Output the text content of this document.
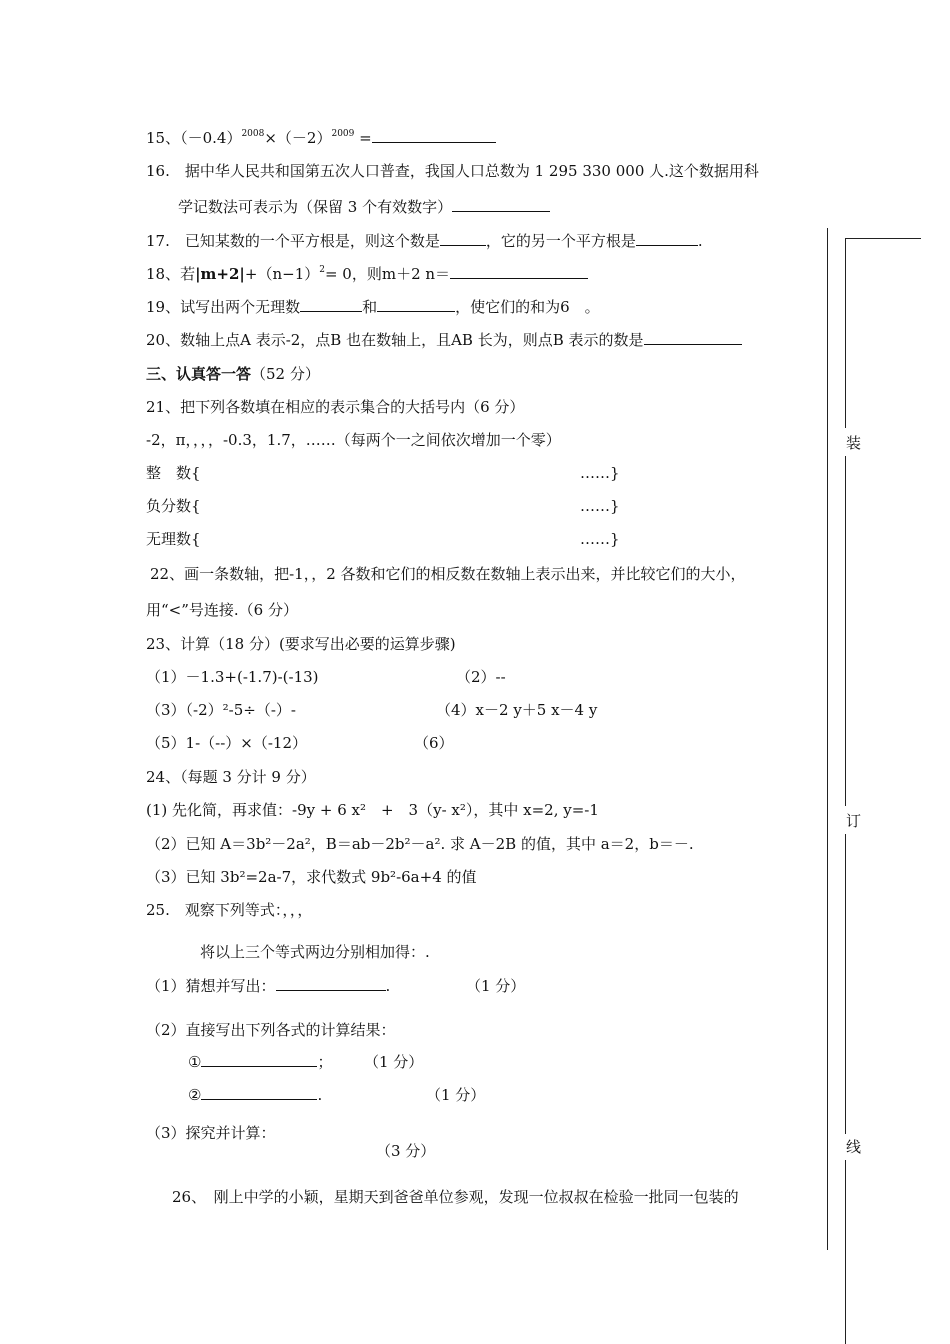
15、$(-0.4)^{2008}\times(-2)^{2009}$ =
16.　据中华人民共和国第五次人口普查，我国人口总数为 1 295 330 000 人.这个数据用科
学记数法可表示为（保留 3 个有效数字）
17.　已知某数的一个平方根是，则这个数是	，它的另一个平方根是	.
18、若$|m+2|+(n-1)^2= 0$，则m＋2 n＝
19、试写出两个无理数	和	，使它们的和为6　。
20、数轴上点A 表示-2，点B 也在数轴上，且AB 长为，则点B 表示的数是
三、认真答一答（52 分）
21、把下列各数填在相应的表示集合的大括号内（6 分）
-2，π，，，，-0.3，1.7，……（每两个一之间依次增加一个零）
整　数{	……}
负分数{	……}
无理数{	……}
22、画一条数轴，把-1，，2 各数和它们的相反数在数轴上表示出来，并比较它们的大小，
用“<”号连接.（6 分）
23、计算（18 分）(要求写出必要的运算步骤)
（1）－1.3+(-1.7)-(-13)	（2）--
（3）（-2）²-5÷（-）-	（4）x－2 y＋5 x－4 y
（5）1-（--）×（-12）	（6）
24、（每题 3 分计 9 分）
(1) 先化简，再求值：-9y + 6 x²　+　3（y- x²），其中 x=2, y=-1
（2）已知 A＝3b²－2a²，B＝ab－2b²－a². 求 A－2B 的值，其中 a＝2，b＝－.
（3）已知 3b²=2a-7，求代数式 9b²-6a+4 的值
25.　观察下列等式：，，，
将以上三个等式两边分别相加得：.
（1）猜想并写出：	.	（1 分）
（2）直接写出下列各式的计算结果：
①	； （1 分）
②	.	（1 分）
（3）探究并计算：
（3 分）
26、　刚上中学的小颖，星期天到爸爸单位参观，发现一位叔叔在检验一批同一包装的
装
订
线
